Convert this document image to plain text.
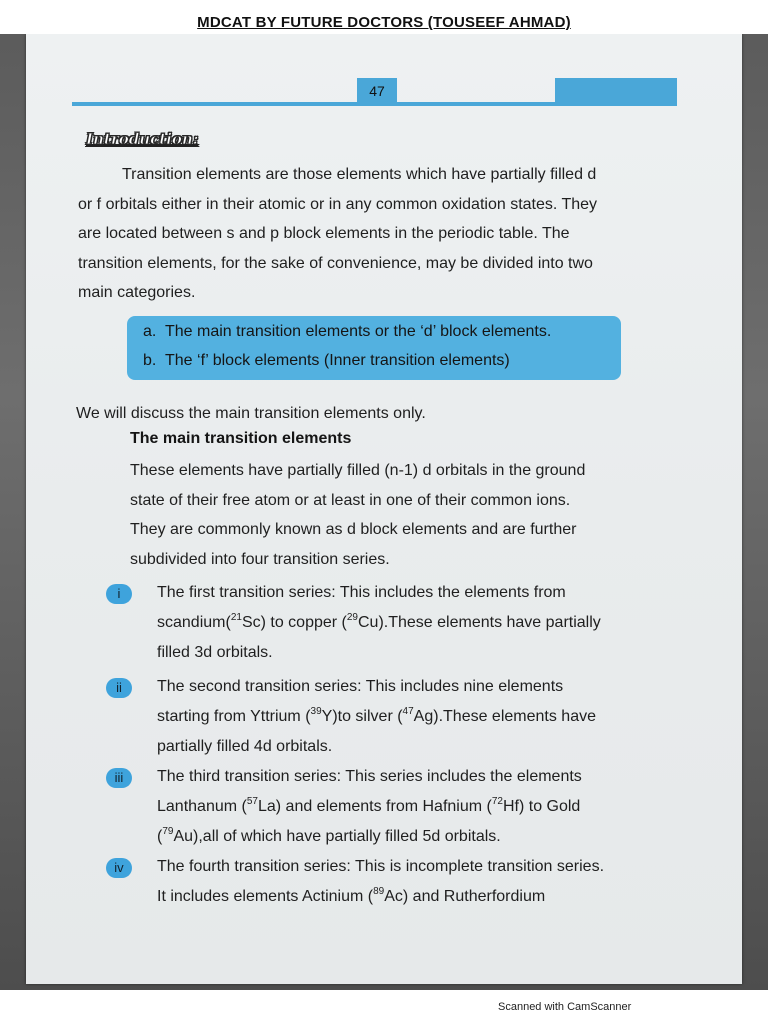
MDCAT BY FUTURE DOCTORS (TOUSEEF AHMAD)
47
Introduction:

Transition elements are those elements which have partially filled d

or f orbitals either in their atomic or in any common oxidation states. They

are located between s and p block elements in the periodic table. The

transition elements, for the sake of convenience, may be divided into two

main categories.

a. The main transition elements or the ‘d’ block elements.
b. The ‘f’ block elements (Inner transition elements)

We will discuss the main transition elements only.

The main transition elements

These elements have partially filled (n-1) d orbitals in the ground

state of their free atom or at least in one of their common ions.

They are commonly known as d block elements and are further

subdivided into four transition series.

i	The first transition series: This includes the elements from

scandium($^{21}$Sc) to copper ($^{29}$Cu).These elements have partially

filled 3d orbitals.

ii	The second transition series: This includes nine elements

starting from Yttrium ($^{39}$Y)to silver ($^{47}$Ag).These elements have

partially filled 4d orbitals.

iii	The third transition series: This series includes the elements

Lanthanum ($^{57}$La) and elements from Hafnium ($^{72}$Hf) to Gold

($^{79}$Au),all of which have partially filled 5d orbitals.

iv	The fourth transition series: This is incomplete transition series.

It includes elements Actinium ($^{89}$Ac) and Rutherfordium

Scanned with CamScanner
